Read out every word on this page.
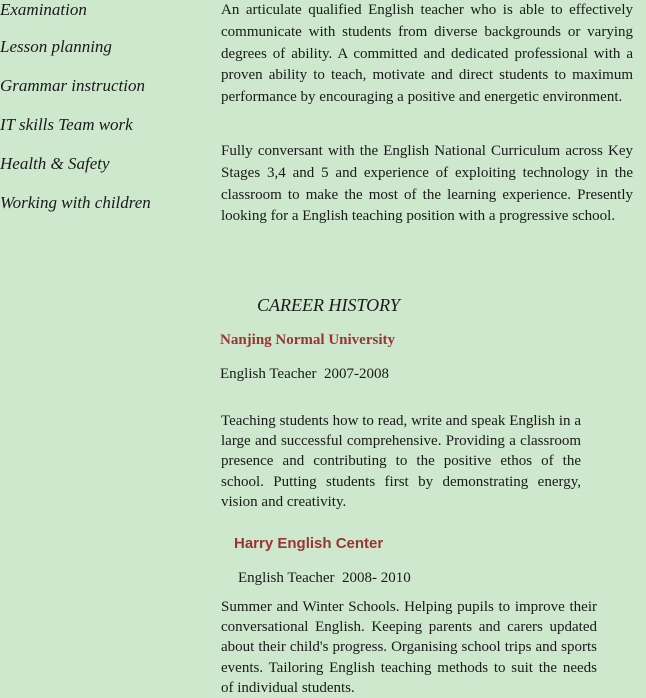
Examination
Lesson planning
Grammar instruction
IT skills Team work
Health & Safety
Working with children

An articulate qualified English teacher who is able to effectively communicate with students from diverse backgrounds or varying degrees of ability. A committed and dedicated professional with a proven ability to teach, motivate and direct students to maximum performance by encouraging a positive and energetic environment.

Fully conversant with the English National Curriculum across Key Stages 3,4 and 5 and experience of exploiting technology in the classroom to make the most of the learning experience. Presently looking for a English teaching position with a progressive school.

CAREER HISTORY
Nanjing Normal University
English Teacher  2007-2008

Teaching students how to read, write and speak English in a large and successful comprehensive. Providing a classroom presence and contributing to the positive ethos of the school. Putting students first by demonstrating energy, vision and creativity.

Harry English Center
English Teacher  2008- 2010

Summer and Winter Schools. Helping pupils to improve their conversational English. Keeping parents and carers updated about their child's progress. Organising school trips and sports events. Tailoring English teaching methods to suit the needs of individual students.
